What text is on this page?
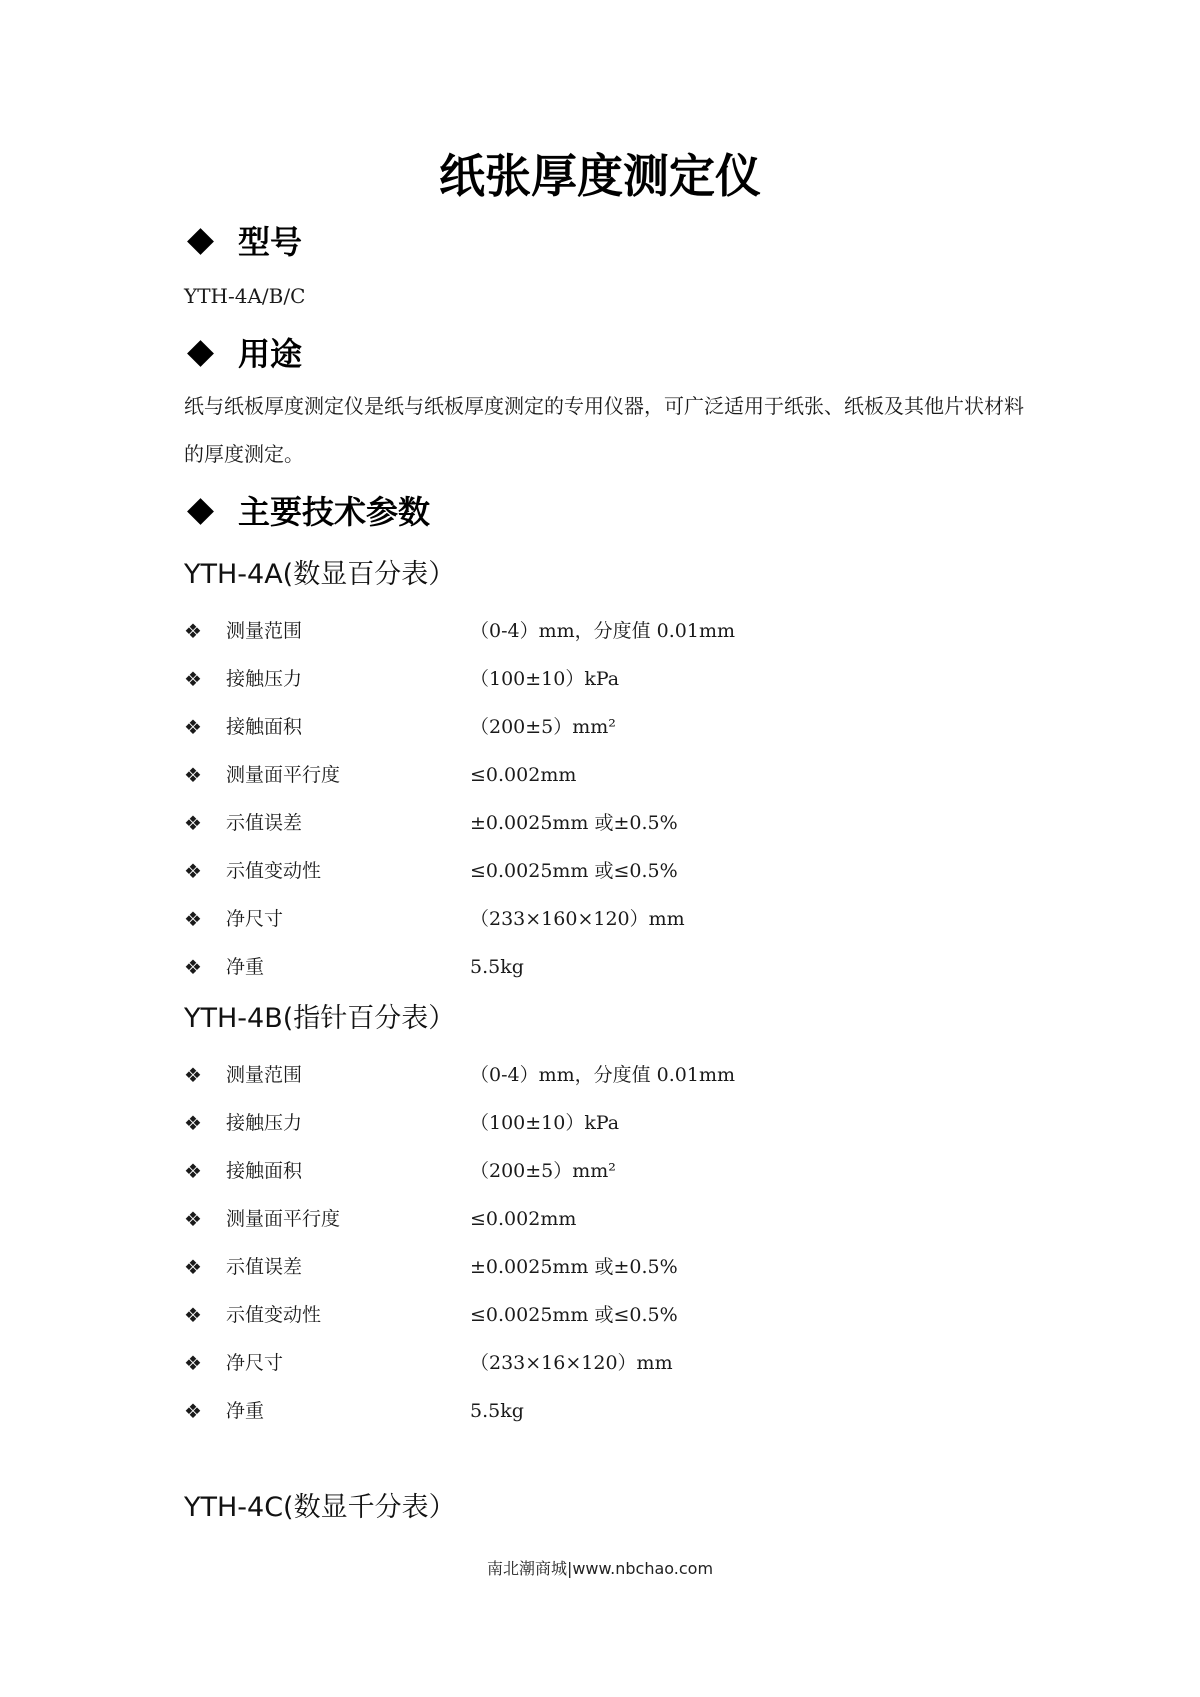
纸张厚度测定仪
型号
YTH-4A/B/C
用途
纸与纸板厚度测定仪是纸与纸板厚度测定的专用仪器，可广泛适用于纸张、纸板及其他片状材料的厚度测定。
主要技术参数
YTH-4A(数显百分表）
❖	测量范围	（0-4）mm，分度值 0.01mm
❖	接触压力	（100±10）kPa
❖	接触面积	（200±5）mm²
❖	测量面平行度	≤0.002mm
❖	示值误差	±0.0025mm 或±0.5%
❖	示值变动性	≤0.0025mm 或≤0.5%
❖	净尺寸	（233×160×120）mm
❖	净重	5.5kg
YTH-4B(指针百分表）
❖	测量范围	（0-4）mm，分度值 0.01mm
❖	接触压力	（100±10）kPa
❖	接触面积	（200±5）mm²
❖	测量面平行度	≤0.002mm
❖	示值误差	±0.0025mm 或±0.5%
❖	示值变动性	≤0.0025mm 或≤0.5%
❖	净尺寸	（233×16×120）mm
❖	净重	5.5kg
YTH-4C(数显千分表）
南北潮商城|www.nbchao.com
